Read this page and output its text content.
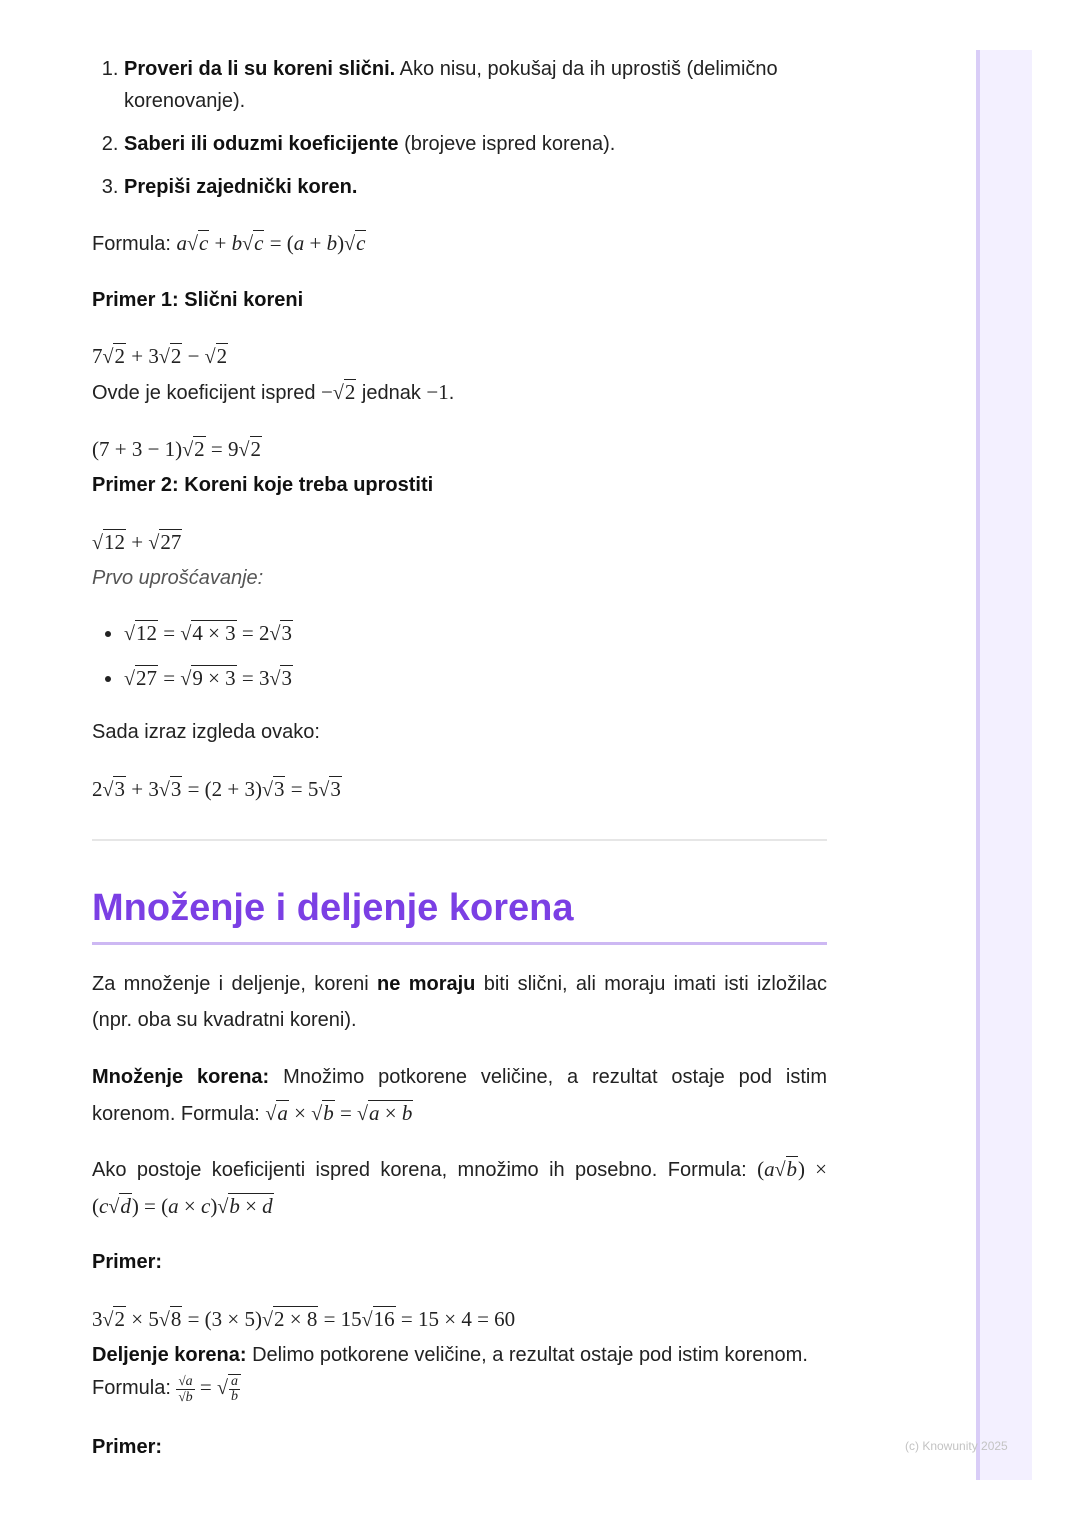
(c) Knowunity 2025
1. Proveri da li su koreni slični. Ako nisu, pokušaj da ih uprostiš (delimično korenovanje).
2. Saberi ili oduzmi koeficijente (brojeve ispred korena).
3. Prepiši zajednički koren.
Formula: a√c + b√c = (a + b)√c
Primer 1: Slični koreni
7√2 + 3√2 − √2
Ovde je koeficijent ispred −√2 jednak −1.
(7 + 3 − 1)√2 = 9√2
Primer 2: Koreni koje treba uprostiti
√12 + √27
Prvo uprošćavanje:
• √12 = √4 × 3 = 2√3
• √27 = √9 × 3 = 3√3
Sada izraz izgleda ovako:
2√3 + 3√3 = (2 + 3)√3 = 5√3
Množenje i deljenje korena
Za množenje i deljenje, koreni ne moraju biti slični, ali moraju imati isti izložilac (npr. oba su kvadratni koreni).
Množenje korena: Množimo potkorene veličine, a rezultat ostaje pod istim korenom. Formula: √a × √b = √a × b
Ako postoje koeficijenti ispred korena, množimo ih posebno. Formula: (a√b) × (c√d) = (a × c)√b × d
Primer:
3√2 × 5√8 = (3 × 5)√2 × 8 = 15√16 = 15 × 4 = 60
Deljenje korena: Delimo potkorene veličine, a rezultat ostaje pod istim korenom.
Formula: $\frac{√a}{√b}$ = √ $\frac{a}{b}$
Primer:
